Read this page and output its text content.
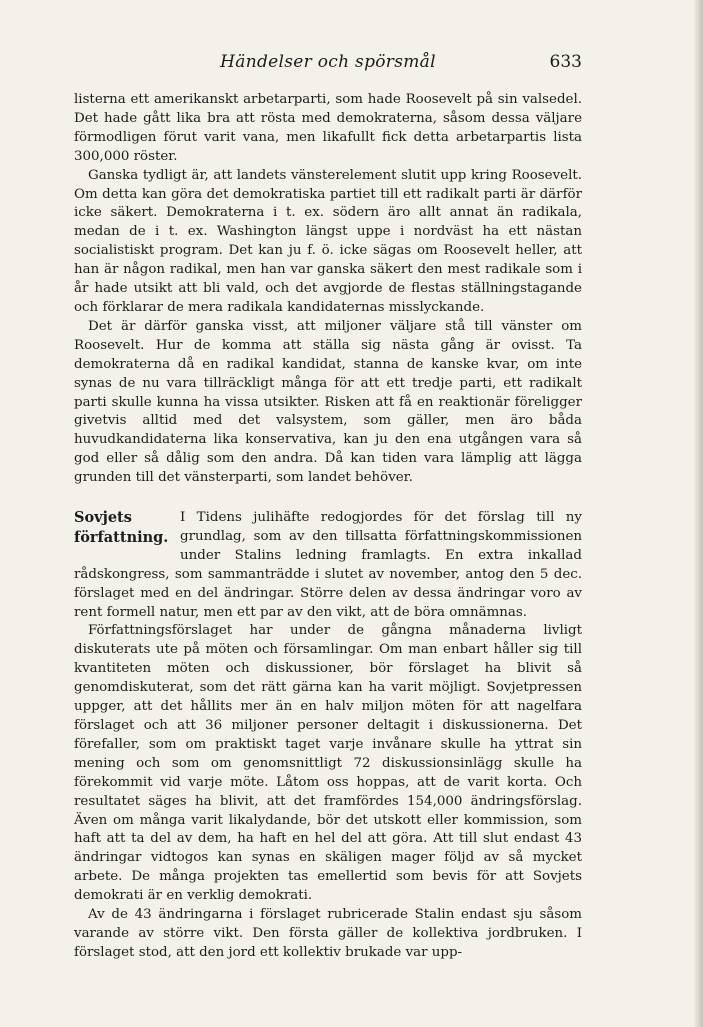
Händelser och spörsmål	633

listerna ett amerikanskt arbetarparti, som hade Roosevelt på sin valsedel. Det hade gått lika bra att rösta med demokraterna, såsom dessa väljare förmodligen förut varit vana, men likafullt fick detta arbetarpartis lista 300,000 röster.

Ganska tydligt är, att landets vänsterelement slutit upp kring Roosevelt. Om detta kan göra det demokratiska partiet till ett radikalt parti är därför icke säkert. Demokraterna i t. ex. södern äro allt annat än radikala, medan de i t. ex. Washington längst uppe i nordväst ha ett nästan socialistiskt program. Det kan ju f. ö. icke sägas om Roosevelt heller, att han är någon radikal, men han var ganska säkert den mest radikale som i år hade utsikt att bli vald, och det avgjorde de flestas ställningstagande och förklarar de mera radikala kandidaternas misslyckande.

Det är därför ganska visst, att miljoner väljare stå till vänster om Roosevelt. Hur de komma att ställa sig nästa gång är ovisst. Ta demokraterna då en radikal kandidat, stanna de kanske kvar, om inte synas de nu vara tillräckligt många för att ett tredje parti, ett radikalt parti skulle kunna ha vissa utsikter. Risken att få en reaktionär föreligger givetvis alltid med det valsystem, som gäller, men äro båda huvudkandidaterna lika konservativa, kan ju den ena utgången vara så god eller så dålig som den andra. Då kan tiden vara lämplig att lägga grunden till det vänsterparti, som landet behöver.

Sovjets författning.

I Tidens julihäfte redogjordes för det förslag till ny grundlag, som av den tillsatta författningskommissionen under Stalins ledning framlagts. En extra inkallad rådskongress, som sammanträdde i slutet av november, antog den 5 dec. förslaget med en del ändringar. Större delen av dessa ändringar voro av rent formell natur, men ett par av den vikt, att de böra omnämnas.

Författningsförslaget har under de gångna månaderna livligt diskuterats ute på möten och församlingar. Om man enbart håller sig till kvantiteten möten och diskussioner, bör förslaget ha blivit så genomdiskuterat, som det rätt gärna kan ha varit möjligt. Sovjetpressen uppger, att det hållits mer än en halv miljon möten för att nagelfara förslaget och att 36 miljoner personer deltagit i diskussionerna. Det förefaller, som om praktiskt taget varje invånare skulle ha yttrat sin mening och som om genomsnittligt 72 diskussionsinlägg skulle ha förekommit vid varje möte. Låtom oss hoppas, att de varit korta. Och resultatet säges ha blivit, att det framfördes 154,000 ändringsförslag. Även om många varit likalydande, bör det utskott eller kommission, som haft att ta del av dem, ha haft en hel del att göra. Att till slut endast 43 ändringar vidtogos kan synas en skäligen mager följd av så mycket arbete. De många projekten tas emellertid som bevis för att Sovjets demokrati är en verklig demokrati.

Av de 43 ändringarna i förslaget rubricerade Stalin endast sju såsom varande av större vikt. Den första gäller de kollektiva jordbruken. I förslaget stod, att den jord ett kollektiv brukade var upp-
